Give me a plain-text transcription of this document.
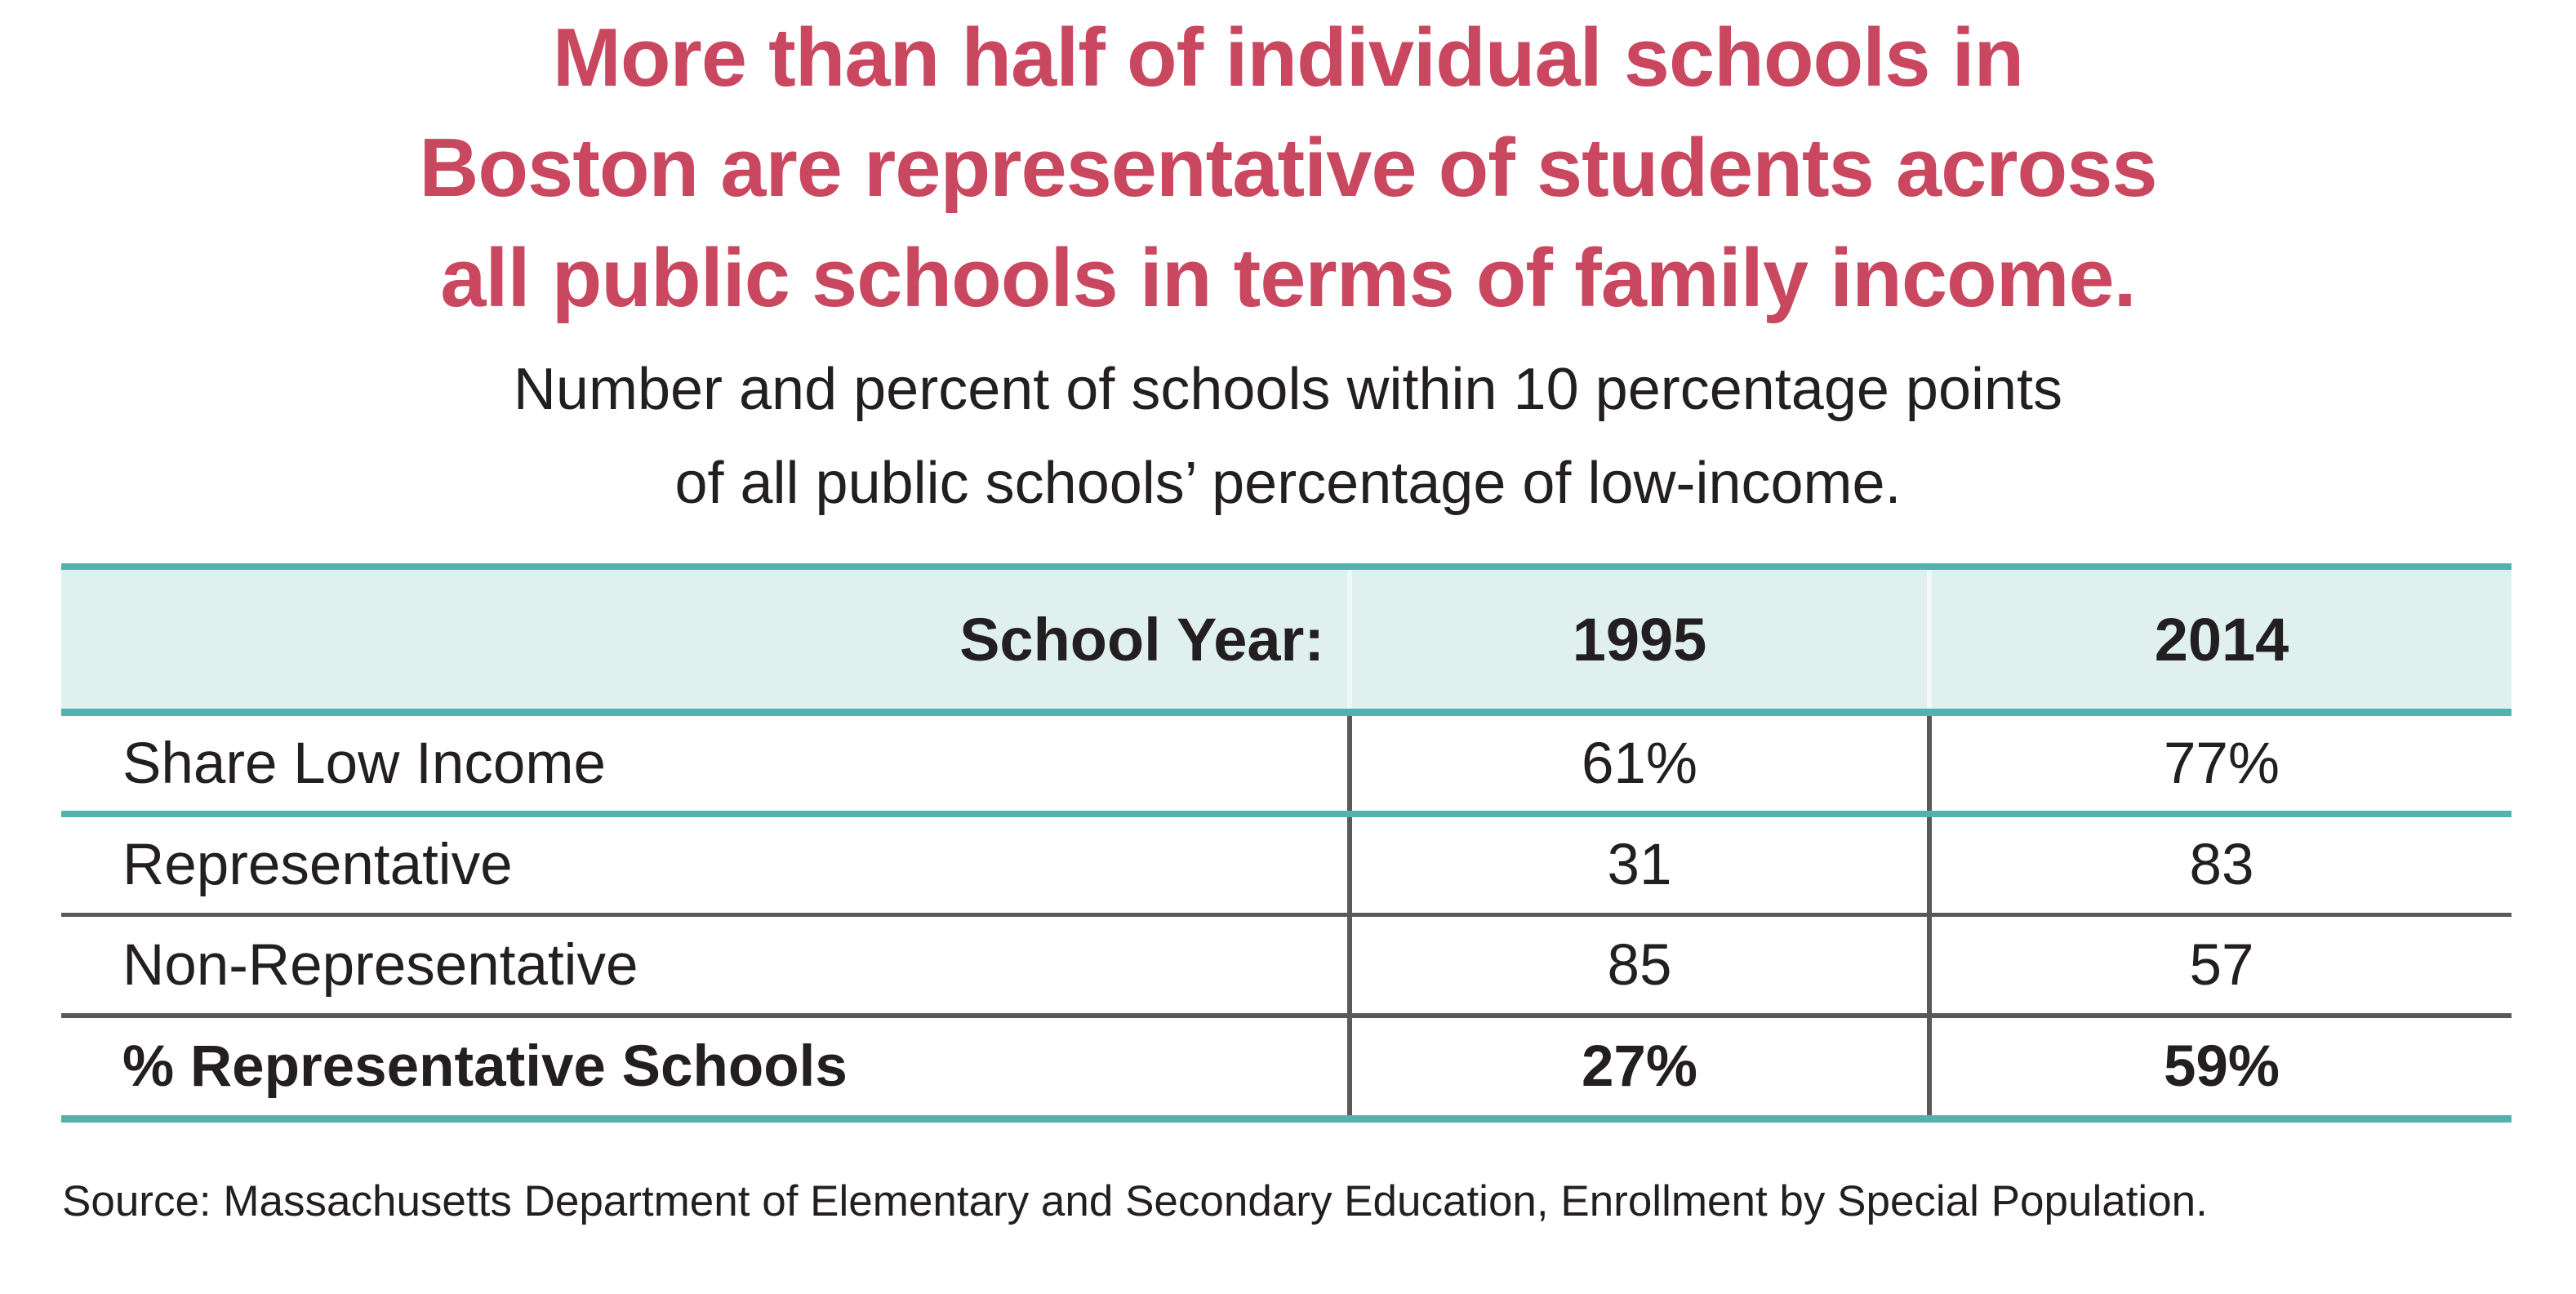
More than half of individual schools in
Boston are representative of students across
all public schools in terms of family income.
Number and percent of schools within 10 percentage points
of all public schools’ percentage of low-income.
School Year:	1995	2014
Share Low Income	61%	77%
Representative	31	83
Non-Representative	85	57
% Representative Schools	27%	59%
Source: Massachusetts Department of Elementary and Secondary Education, Enrollment by Special Population.
